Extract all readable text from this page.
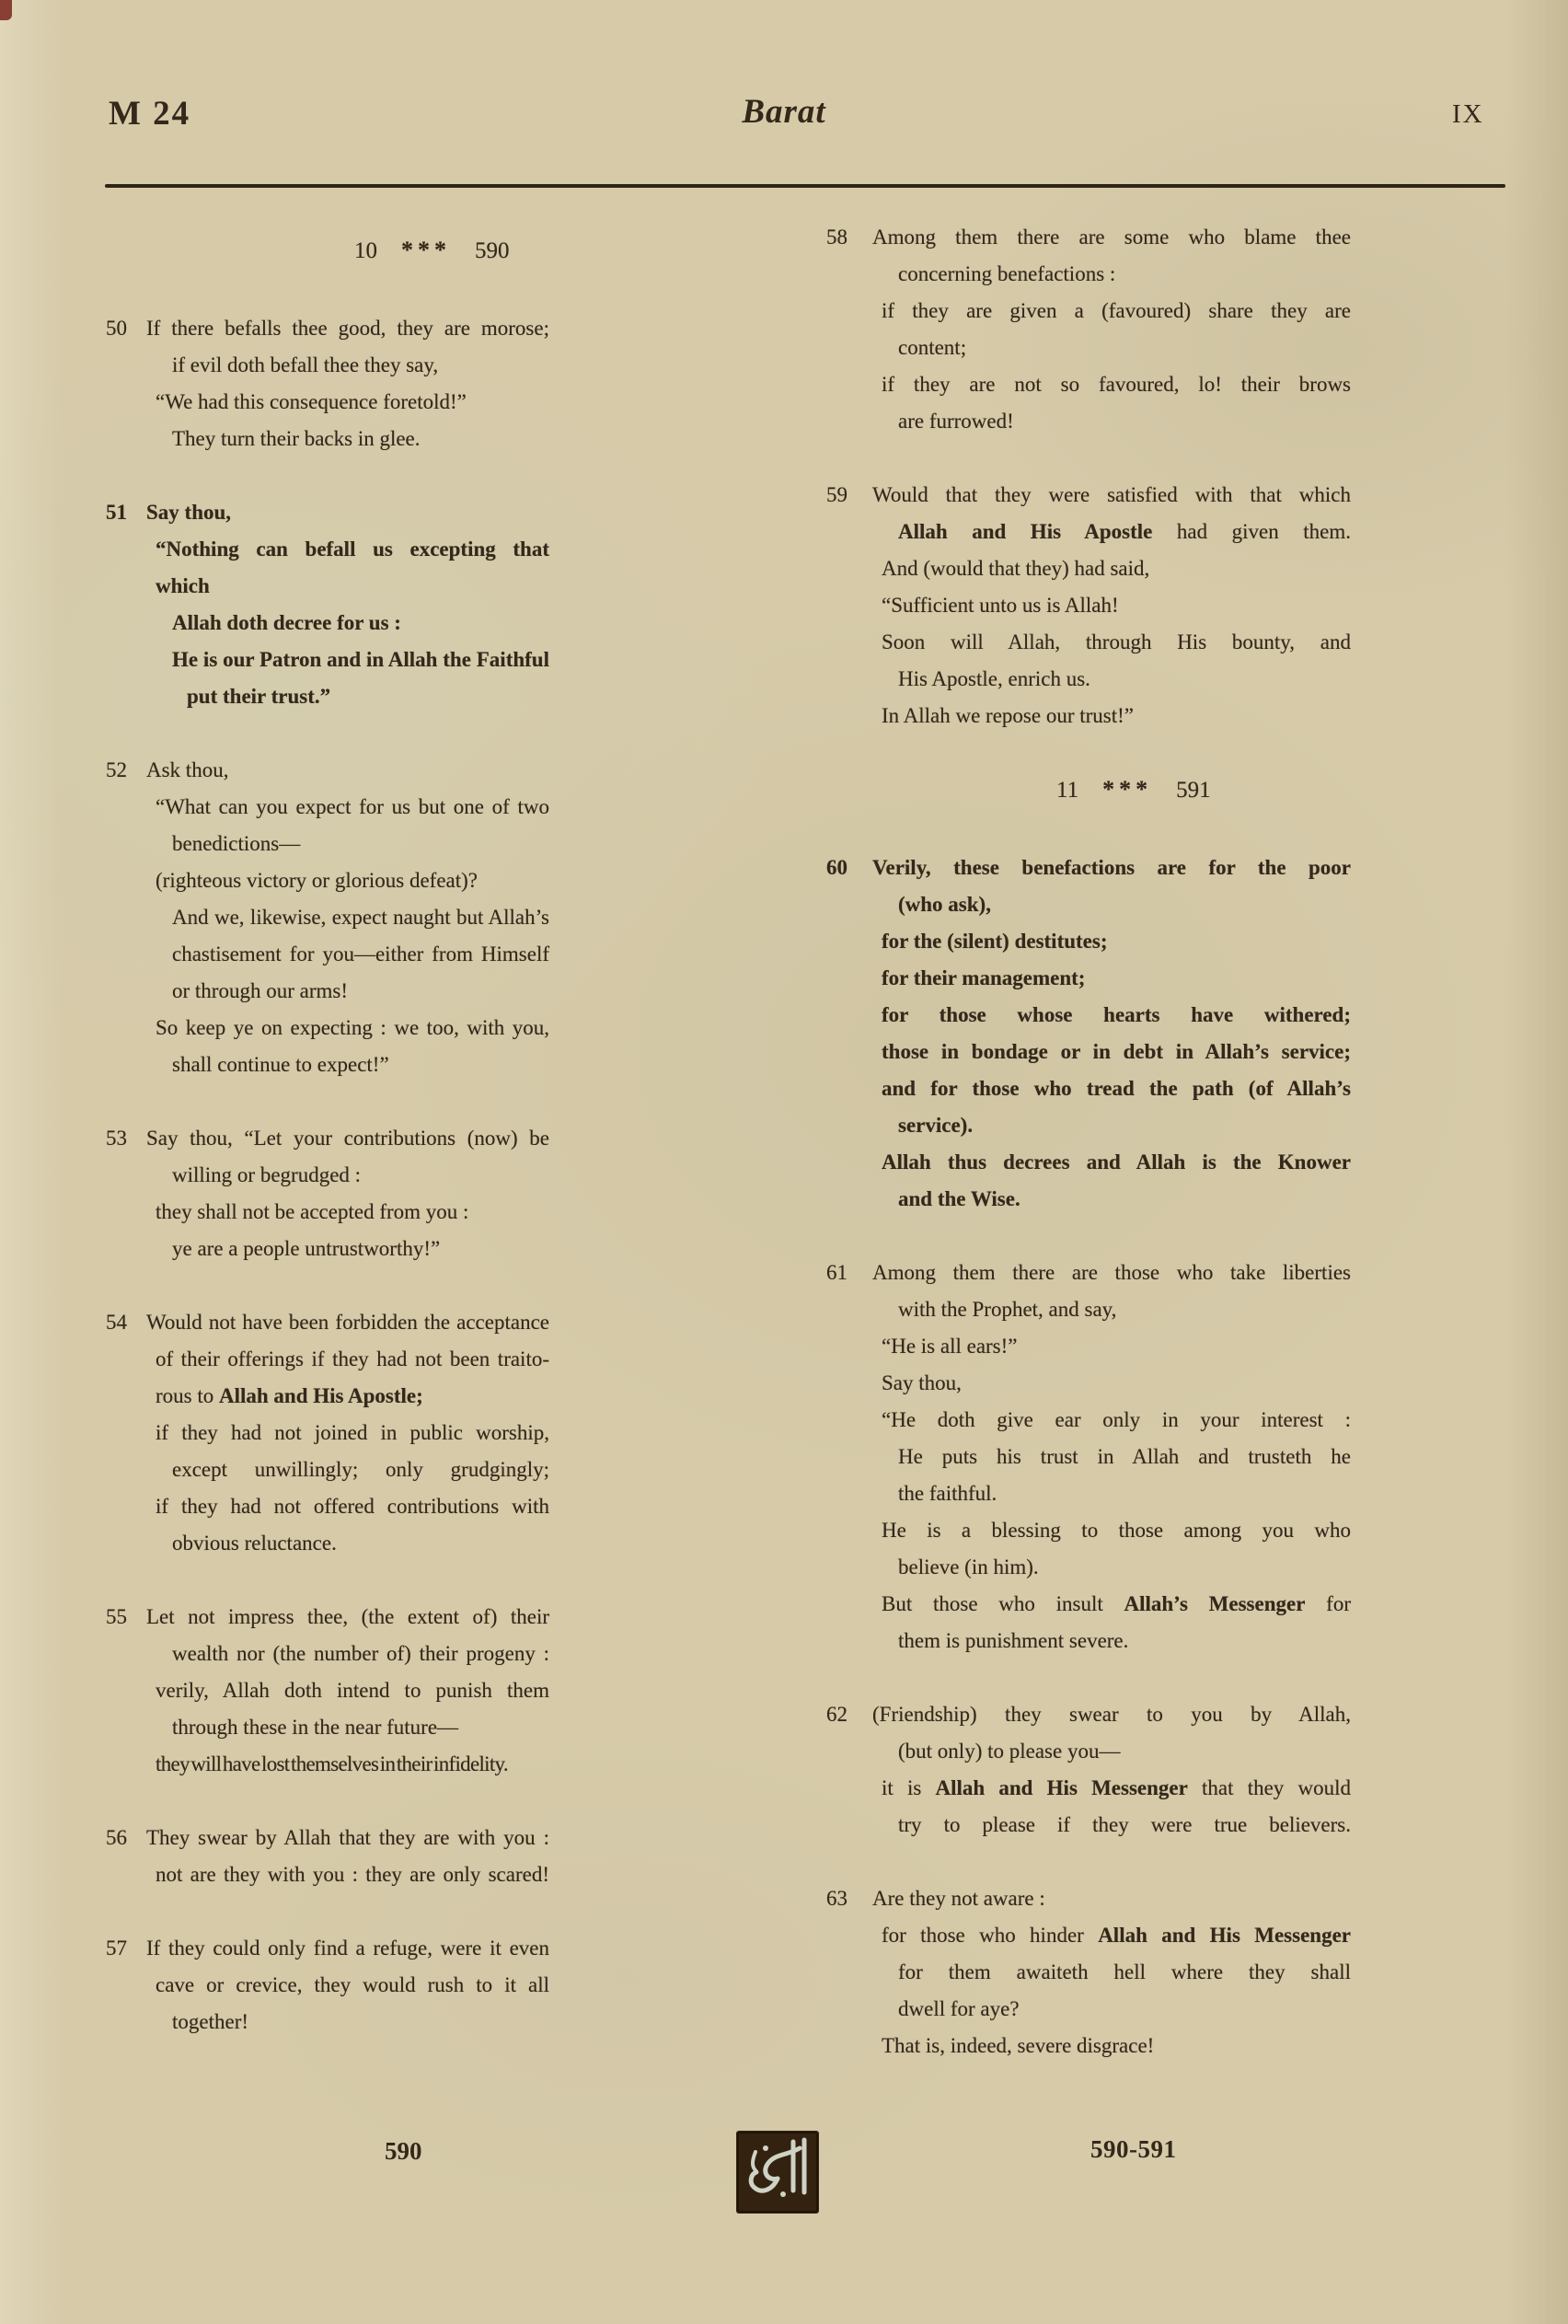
M 24	Barat	IX
10 *** 590
50 If there befalls thee good, they are morose;
if evil doth befall thee they say,
“We had this consequence foretold!”
They turn their backs in glee.
51 Say thou,
“Nothing can befall us excepting that which
Allah doth decree for us :
He is our Patron and in Allah the Faithful
put their trust.”
52 Ask thou,
“What can you expect for us but one of two
benedictions—
(righteous victory or glorious defeat)?
And we, likewise, expect naught but Allah’s
chastisement for you—either from Himself
or through our arms!
So keep ye on expecting : we too, with you,
shall continue to expect!”
53 Say thou, “Let your contributions (now) be
willing or begrudged :
they shall not be accepted from you :
ye are a people untrustworthy!”
54 Would not have been forbidden the acceptance
of their offerings if they had not been traito-
rous to Allah and His Apostle;
if they had not joined in public worship,
except unwillingly; only grudgingly;
if they had not offered contributions with
obvious reluctance.
55 Let not impress thee, (the extent of) their
wealth nor (the number of) their progeny :
verily, Allah doth intend to punish them
through these in the near future—
they will have lost themselves in their infidelity.
56 They swear by Allah that they are with you :
not are they with you : they are only scared!
57 If they could only find a refuge, were it even
cave or crevice, they would rush to it all
together!
58 Among them there are some who blame thee
concerning benefactions :
if they are given a (favoured) share they are
content;
if they are not so favoured, lo! their brows
are furrowed!
59 Would that they were satisfied with that which
Allah and His Apostle had given them.
And (would that they) had said,
“Sufficient unto us is Allah!
Soon will Allah, through His bounty, and
His Apostle, enrich us.
In Allah we repose our trust!”
11 *** 591
60 Verily, these benefactions are for the poor
(who ask),
for the (silent) destitutes;
for their management;
for those whose hearts have withered;
those in bondage or in debt in Allah’s service;
and for those who tread the path (of Allah’s
service).
Allah thus decrees and Allah is the Knower
and the Wise.
61 Among them there are those who take liberties
with the Prophet, and say,
“He is all ears!”
Say thou,
“He doth give ear only in your interest :
He puts his trust in Allah and trusteth he
the faithful.
He is a blessing to those among you who
believe (in him).
But those who insult Allah’s Messenger for
them is punishment severe.
62 (Friendship) they swear to you by Allah,
(but only) to please you—
it is Allah and His Messenger that they would
try to please if they were true believers.
63 Are they not aware :
for those who hinder Allah and His Messenger
for them awaiteth hell where they shall
dwell for aye?
That is, indeed, severe disgrace!
590	590-591
